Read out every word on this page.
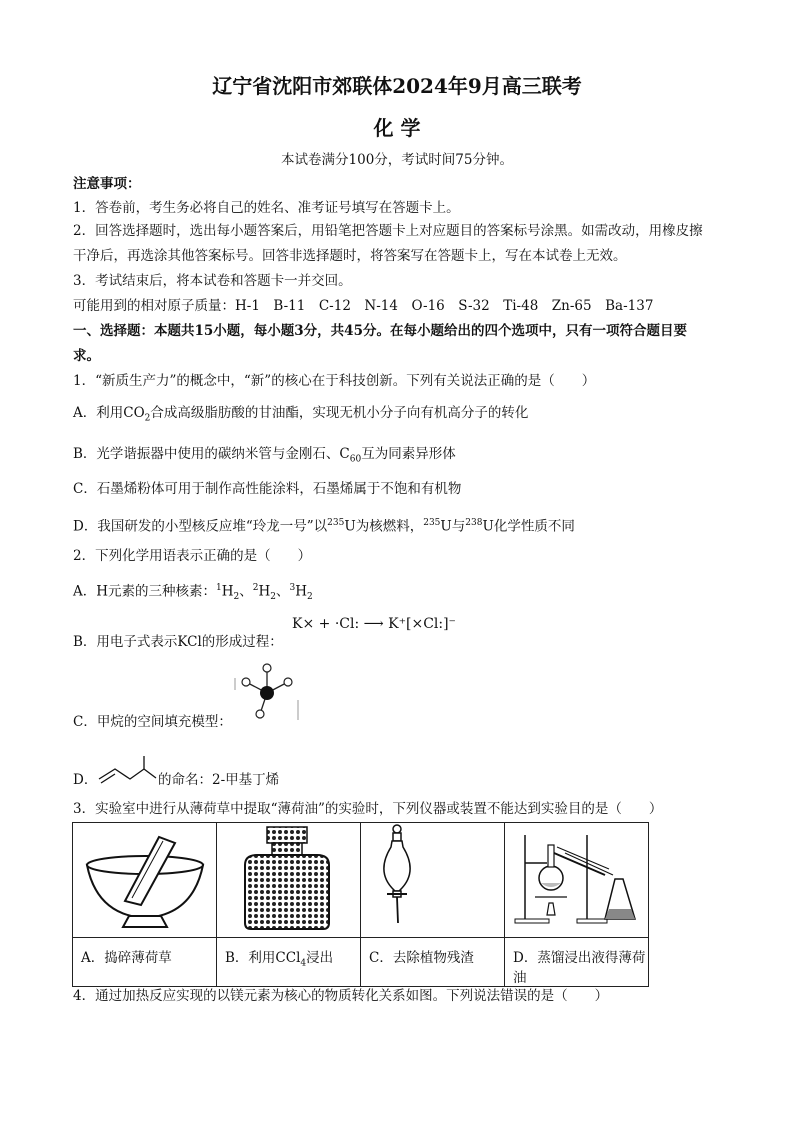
辽宁省沈阳市郊联体2024年9月高三联考
化 学
本试卷满分100分，考试时间75分钟。
注意事项：
1．答卷前，考生务必将自己的姓名、准考证号填写在答题卡上。
2．回答选择题时，选出每小题答案后，用铅笔把答题卡上对应题目的答案标号涂黑。如需改动，用橡皮擦
干净后，再选涂其他答案标号。回答非选择题时，将答案写在答题卡上，写在本试卷上无效。
3．考试结束后，将本试卷和答题卡一并交回。
可能用到的相对原子质量：H-1　B-11　C-12　N-14　O-16　S-32　Ti-48　Zn-65　Ba-137
一、选择题：本题共15小题，每小题3分，共45分。在每小题给出的四个选项中，只有一项符合题目要
求。
1．“新质生产力”的概念中，“新”的核心在于科技创新。下列有关说法正确的是（　　）
A．利用$CO_2$合成高级脂肪酸的甘油酯，实现无机小分子向有机高分子的转化
B．光学谐振器中使用的碳纳米管与金刚石、$C_{60}$互为同素异形体
C．石墨烯粉体可用于制作高性能涂料，石墨烯属于不饱和有机物
D．我国研发的小型核反应堆“玲龙一号”以$^{235}$U为核燃料，$^{235}$U与$^{238}$U化学性质不同
2．下列化学用语表示正确的是（　　）
A．H元素的三种核素：$^1H_2$、$^2H_2$、$^3H_2$
K× + ·Cl: ⟶ K⁺[×Cl:]⁻
B．用电子式表示KCl的形成过程：
C．甲烷的空间填充模型：
D．	的命名：2-甲基丁烯
3．实验室中进行从薄荷草中提取“薄荷油”的实验时，下列仪器或装置不能达到实验目的是（　　）

A．捣碎薄荷草	B．利用CCl$_4$浸出	C．去除植物残渣	D．蒸馏浸出液得薄荷油
4．通过加热反应实现的以镁元素为核心的物质转化关系如图。下列说法错误的是（　　）
